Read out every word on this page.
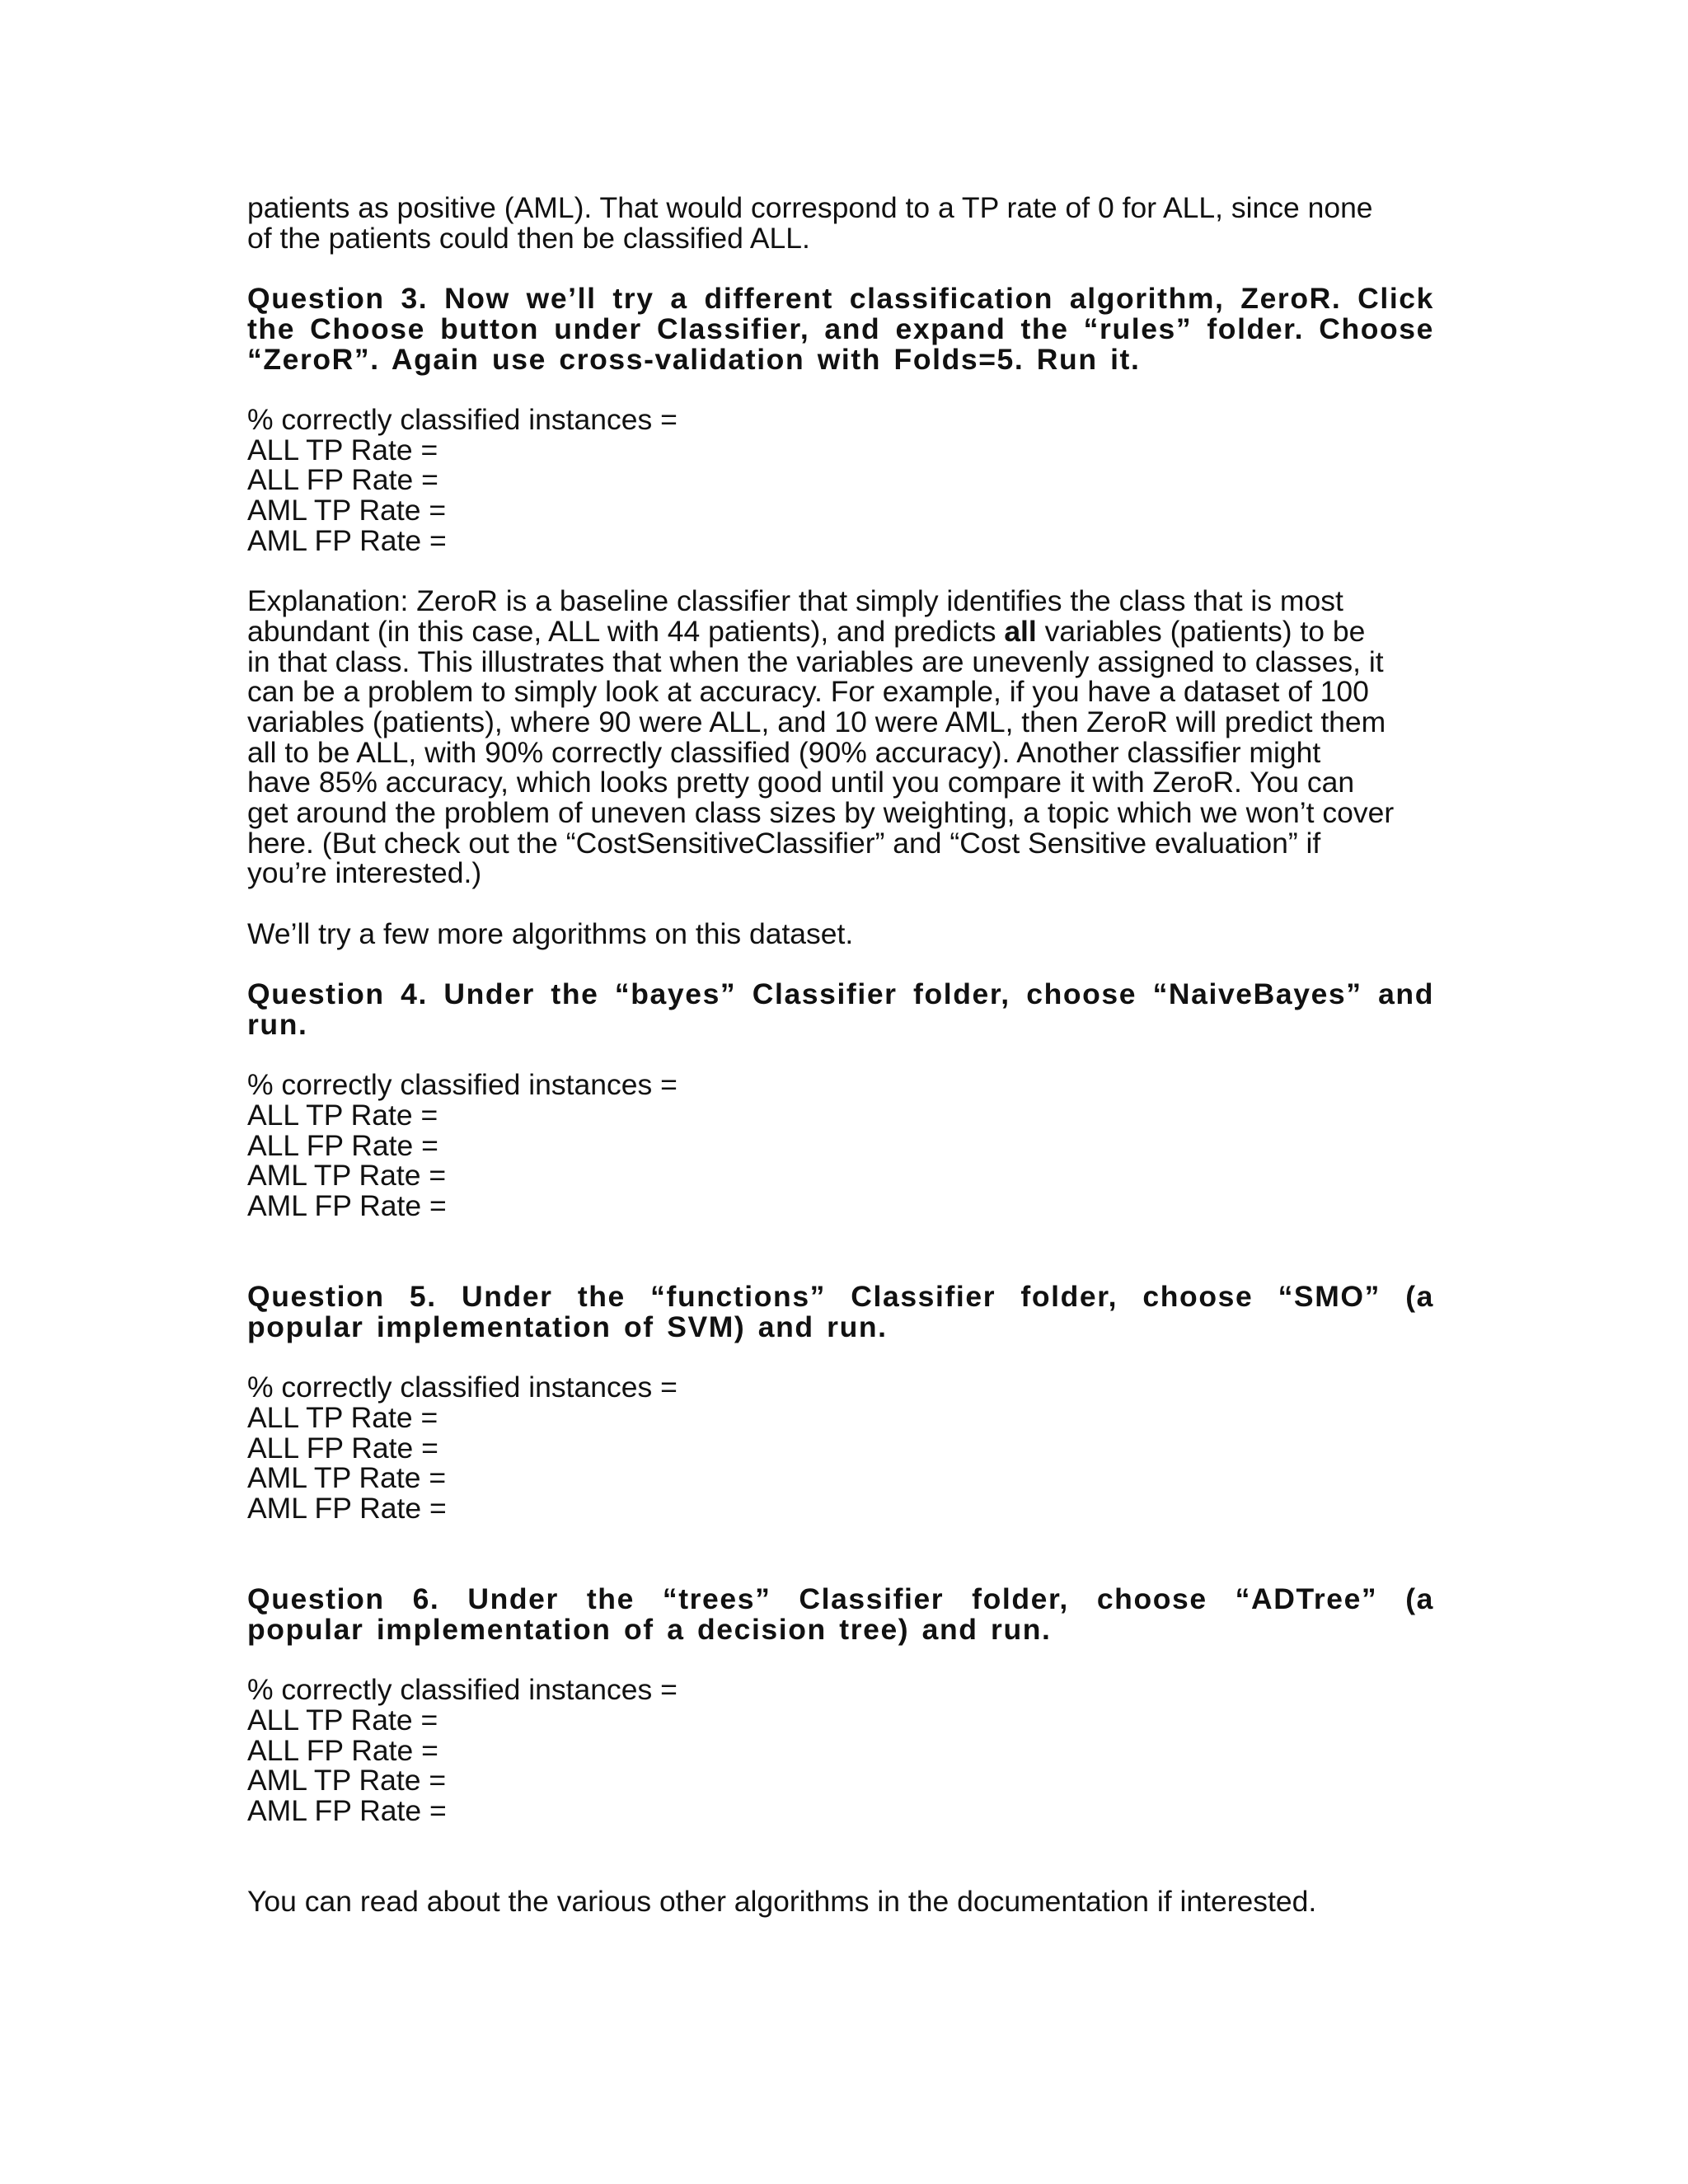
patients as positive (AML). That would correspond to a TP rate of 0 for ALL, since none
of the patients could then be classified ALL.

Question 3. Now we’ll try a different classification algorithm, ZeroR. Click
the Choose button under Classifier, and expand the “rules” folder. Choose
“ZeroR”. Again use cross-validation with Folds=5. Run it.
% correctly classified instances =
ALL TP Rate =
ALL FP Rate =
AML TP Rate =
AML FP Rate =

Explanation: ZeroR is a baseline classifier that simply identifies the class that is most
abundant (in this case, ALL with 44 patients), and predicts all variables (patients) to be
in that class. This illustrates that when the variables are unevenly assigned to classes, it
can be a problem to simply look at accuracy. For example, if you have a dataset of 100
variables (patients), where 90 were ALL, and 10 were AML, then ZeroR will predict them
all to be ALL, with 90% correctly classified (90% accuracy). Another classifier might
have 85% accuracy, which looks pretty good until you compare it with ZeroR. You can
get around the problem of uneven class sizes by weighting, a topic which we won’t cover
here. (But check out the “CostSensitiveClassifier” and “Cost Sensitive evaluation” if
you’re interested.)

We’ll try a few more algorithms on this dataset.

Question 4. Under the “bayes” Classifier folder, choose “NaiveBayes” and
run.
% correctly classified instances =
ALL TP Rate =
ALL FP Rate =
AML TP Rate =
AML FP Rate =
Question 5. Under the “functions” Classifier folder, choose “SMO” (a
popular implementation of SVM) and run.
% correctly classified instances =
ALL TP Rate =
ALL FP Rate =
AML TP Rate =
AML FP Rate =
Question 6. Under the “trees” Classifier folder, choose “ADTree” (a
popular implementation of a decision tree) and run.
% correctly classified instances =
ALL TP Rate =
ALL FP Rate =
AML TP Rate =
AML FP Rate =

You can read about the various other algorithms in the documentation if interested.
